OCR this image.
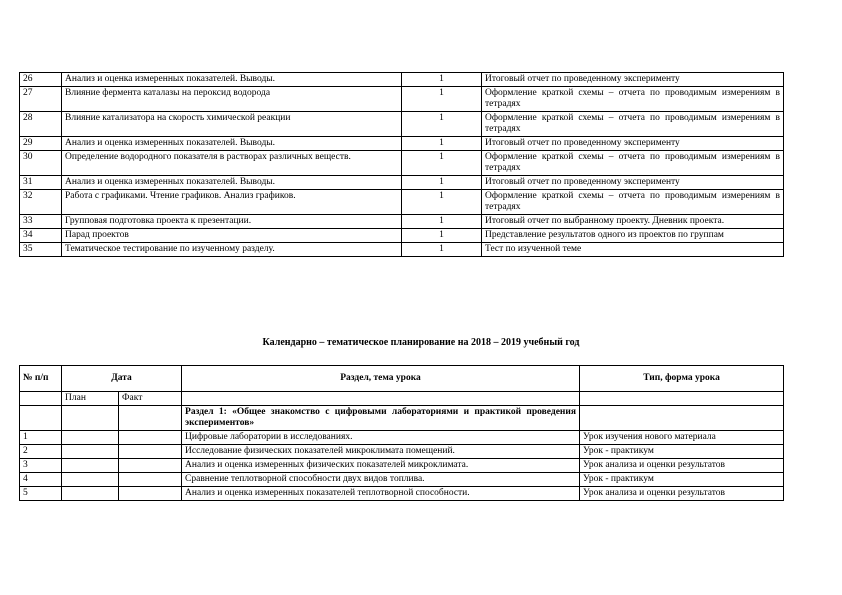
26	Анализ и оценка измеренных показателей. Выводы.	1	Итоговый отчет по проведенному эксперименту
27	Влияние фермента каталазы на пероксид водорода	1	Оформление краткой схемы – отчета по проводимым измерениям в тетрадях
28	Влияние катализатора на скорость химической реакции	1	Оформление краткой схемы – отчета по проводимым измерениям в тетрадях
29	Анализ и оценка измеренных показателей. Выводы.	1	Итоговый отчет по проведенному эксперименту
30	Определение водородного показателя в растворах различных веществ.	1	Оформление краткой схемы – отчета по проводимым измерениям в тетрадях
31	Анализ и оценка измеренных показателей. Выводы.	1	Итоговый отчет по проведенному эксперименту
32	Работа с графиками. Чтение графиков. Анализ графиков.	1	Оформление краткой схемы – отчета по проводимым измерениям в тетрадях
33	Групповая подготовка проекта к презентации.	1	Итоговый отчет по выбранному проекту. Дневник проекта.
34	Парад проектов	1	Представление результатов одного из проектов по группам
35	Тематическое тестирование по изученному разделу.	1	Тест по изученной теме
Календарно – тематическое планирование на 2018 – 2019 учебный год
№ п/п	Дата		Раздел, тема урока	Тип, форма урока
	План	Факт		
			Раздел 1: «Общее знакомство с цифровыми лабораториями и практикой проведения экспериментов»	
1			Цифровые лаборатории в исследованиях.	Урок изучения нового материала
2			Исследование физических показателей микроклимата помещений.	Урок - практикум
3			Анализ и оценка измеренных физических показателей микроклимата.	Урок анализа и оценки результатов
4			Сравнение теплотворной способности двух видов топлива.	Урок - практикум
5			Анализ и оценка измеренных показателей теплотворной способности.	Урок анализа и оценки результатов
